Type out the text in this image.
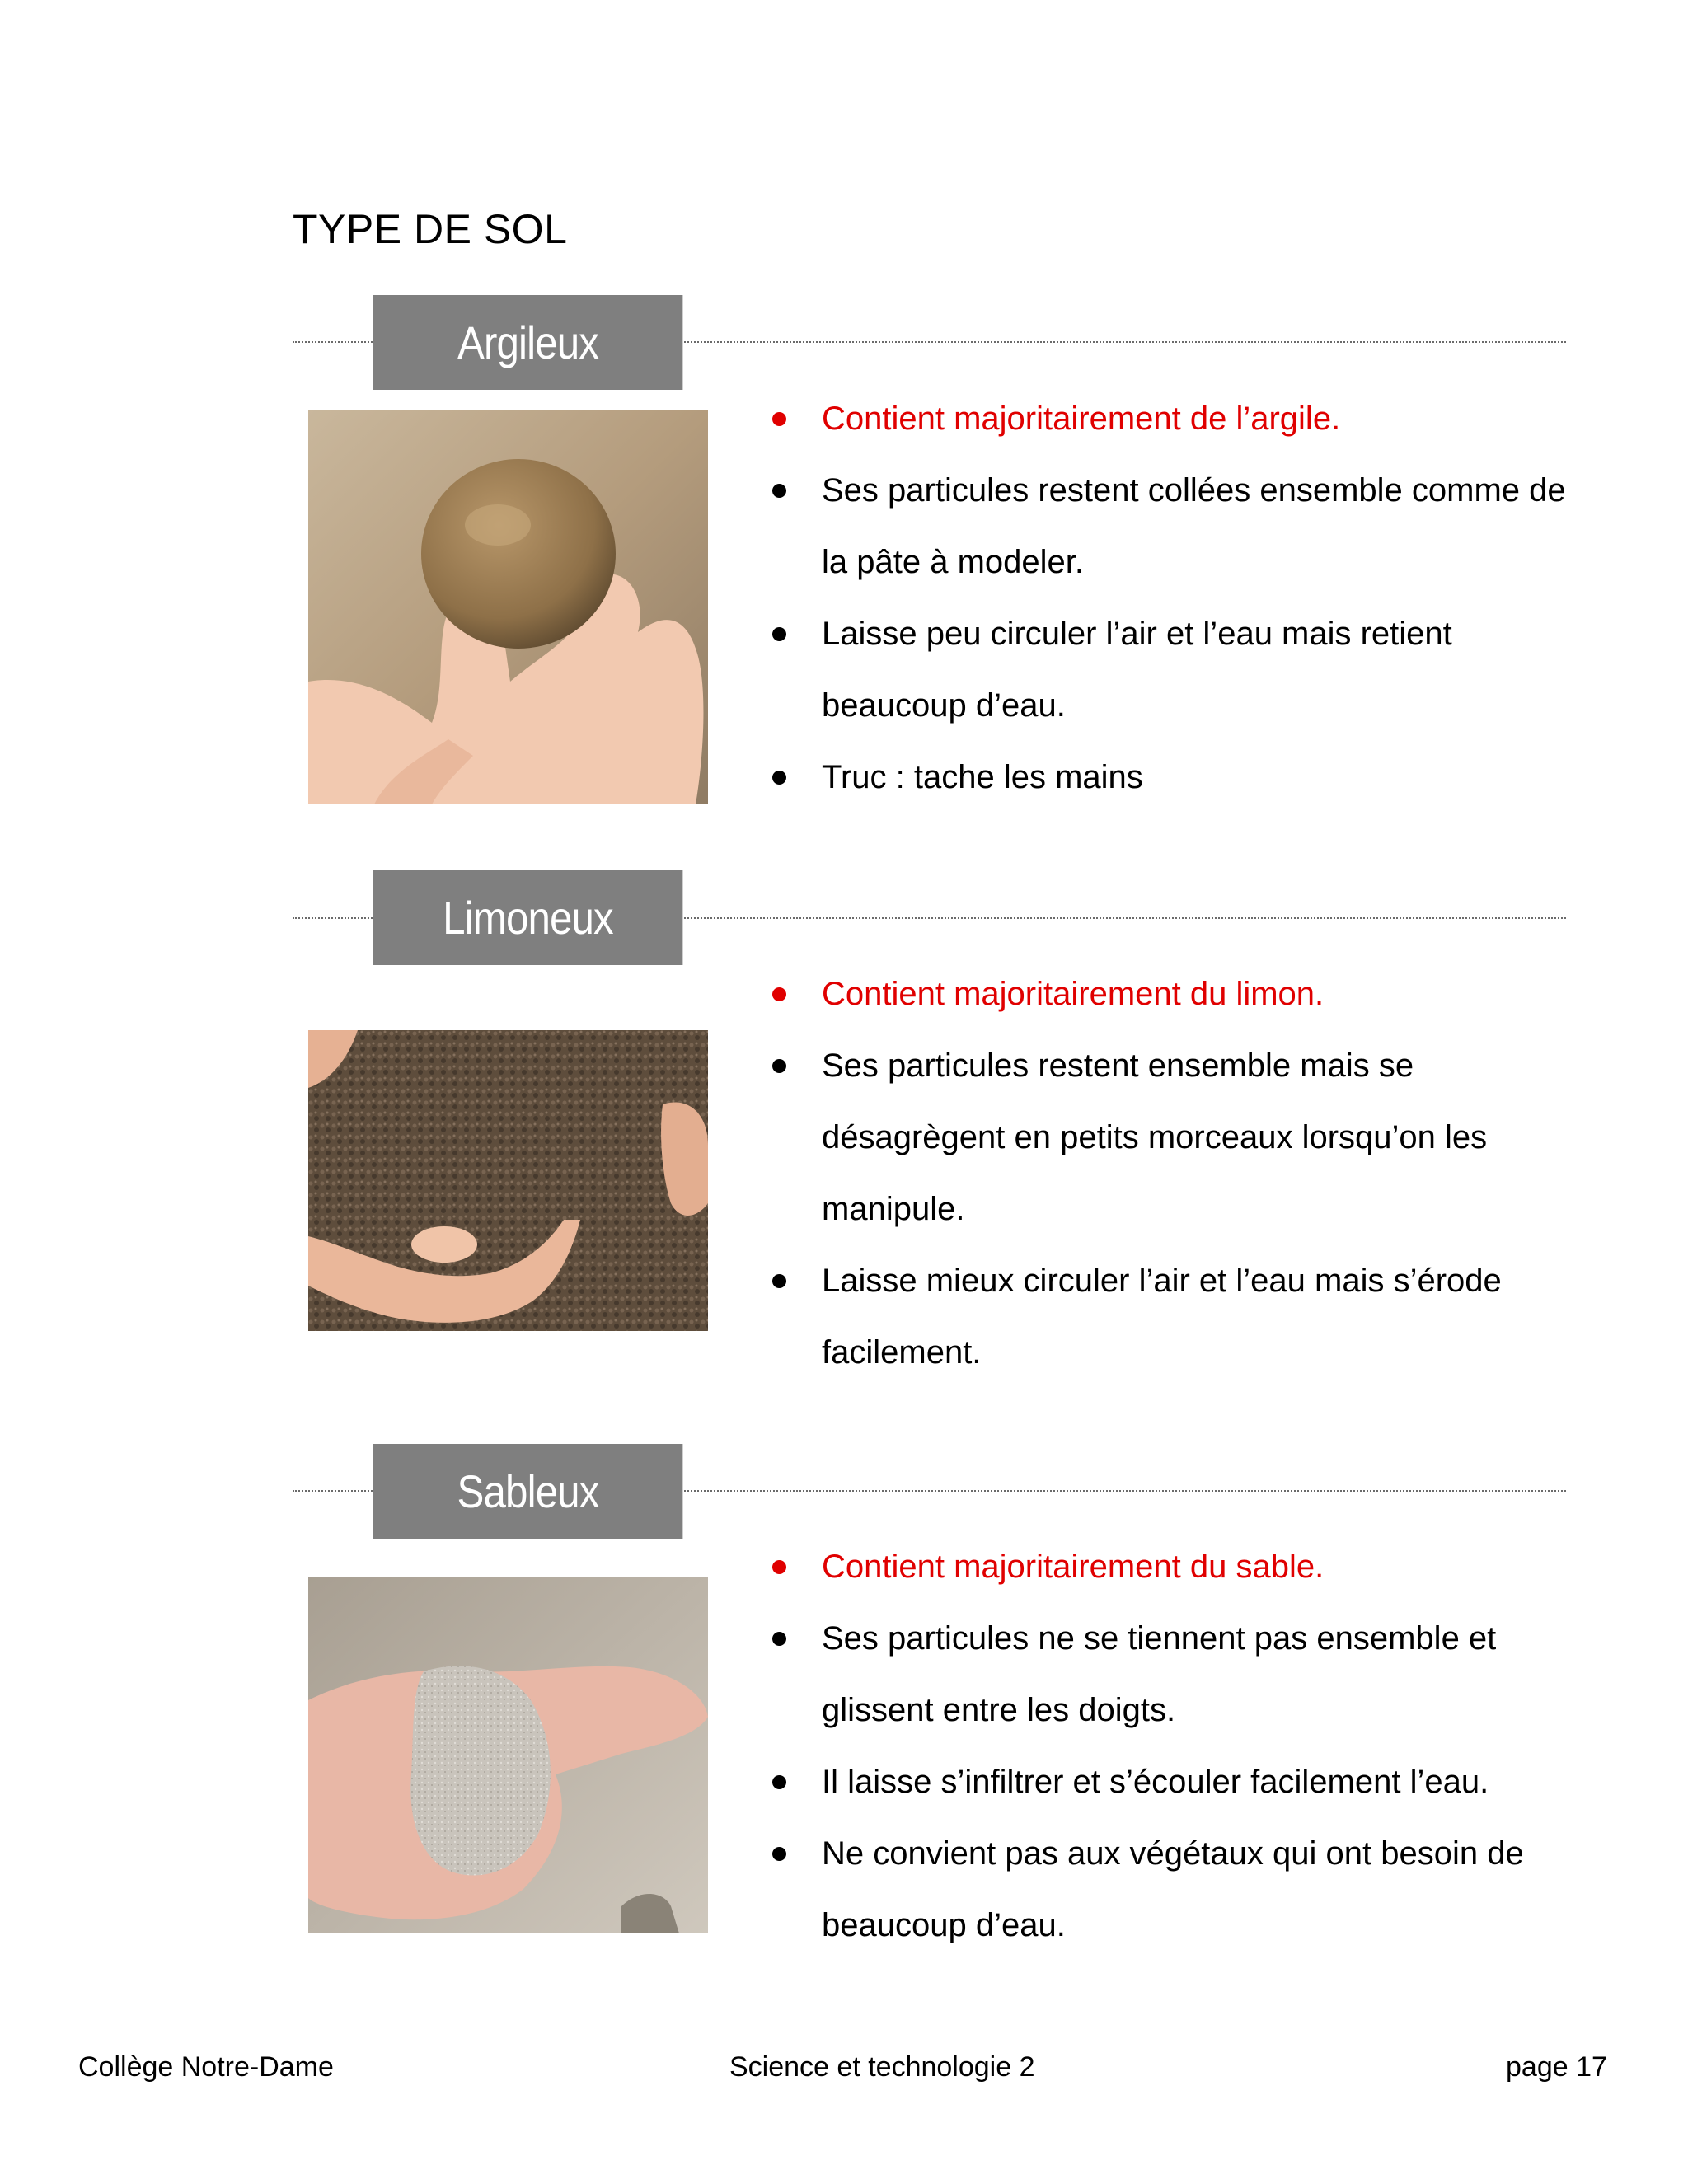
TYPE DE SOL
Argileux
Contient majoritairement de l’argile.
Ses particules restent collées ensemble comme de la pâte à modeler.
Laisse peu circuler l’air et l’eau mais retient beaucoup d’eau.
Truc : tache les mains
Limoneux
Contient majoritairement du limon.
Ses particules restent ensemble mais se désagrègent en petits morceaux lorsqu’on les manipule.
Laisse mieux circuler l’air et l’eau mais s’érode facilement.
Sableux
Contient majoritairement du sable.
Ses particules ne se tiennent pas ensemble et glissent entre les doigts.
Il laisse s’infiltrer et s’écouler facilement l’eau.
Ne convient pas aux végétaux qui ont besoin de beaucoup d’eau.
Collège Notre-Dame	Science et technologie 2	page 17
